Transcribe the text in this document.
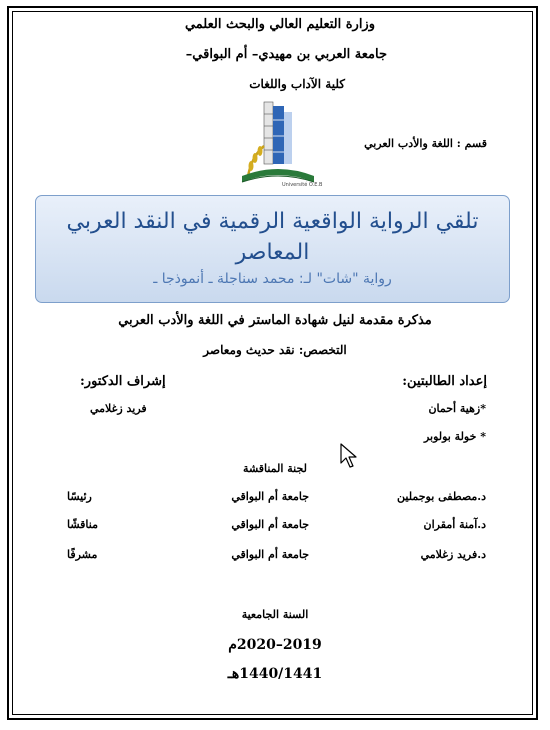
وزارة التعليم العالي والبحث العلمي
جامعة العربي بن مهيدي– أم البواقي–
كلية الآداب واللغات
قسم : اللغة والأدب العربي
Université O.E.B
تلقي الرواية الواقعية الرقمية في النقد العربي المعاصر
رواية "شات" لـ: محمد سناجلة ـ أنموذجا ـ
مذكرة مقدمة لنيل شهادة الماستر في اللغة والأدب العربي
التخصص: نقد حديث ومعاصر
إعداد الطالبتين:
إشراف الدكتور:
*زهية أحمان
فريد زغلامي
* خولة بولوبر
لجنة المناقشة
د.مصطفى بوجملين
جامعة أم البواقي
رئيسًا
د.آمنة أمقران
جامعة أم البواقي
مناقشًا
د.فريد زغلامي
جامعة أم البواقي
مشرفًا
السنة الجامعية
2019–2020م
1440/1441هـ
